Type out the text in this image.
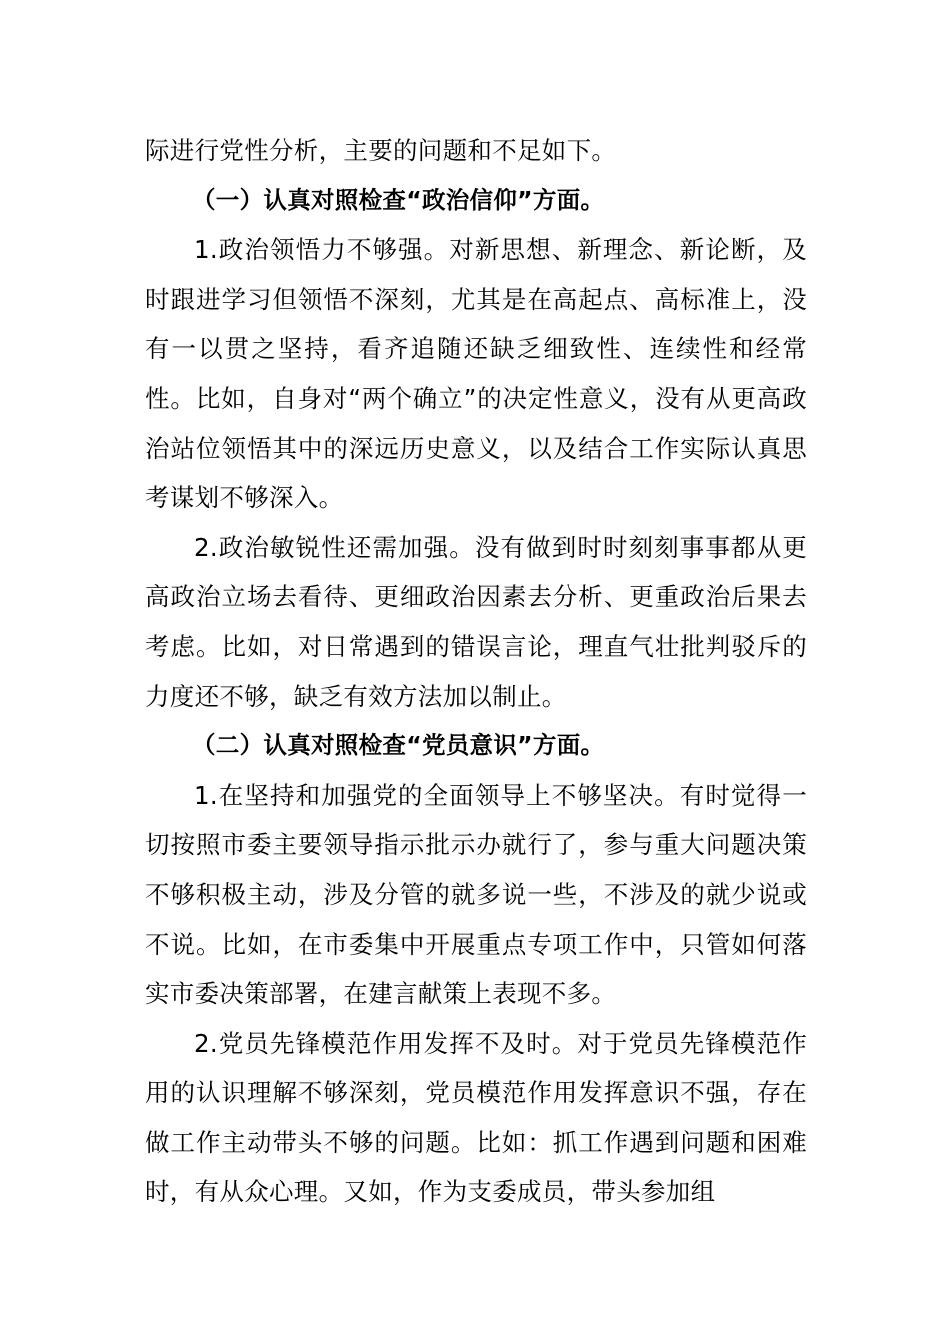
际进行党性分析，主要的问题和不足如下。

（一）认真对照检查“政治信仰”方面。

1.政治领悟力不够强。对新思想、新理念、新论断，及时跟进学习但领悟不深刻，尤其是在高起点、高标准上，没有一以贯之坚持，看齐追随还缺乏细致性、连续性和经常性。比如，自身对“两个确立”的决定性意义，没有从更高政治站位领悟其中的深远历史意义，以及结合工作实际认真思考谋划不够深入。

2.政治敏锐性还需加强。没有做到时时刻刻事事都从更高政治立场去看待、更细政治因素去分析、更重政治后果去考虑。比如，对日常遇到的错误言论，理直气壮批判驳斥的力度还不够，缺乏有效方法加以制止。

（二）认真对照检查“党员意识”方面。

1.在坚持和加强党的全面领导上不够坚决。有时觉得一切按照市委主要领导指示批示办就行了，参与重大问题决策不够积极主动，涉及分管的就多说一些，不涉及的就少说或不说。比如，在市委集中开展重点专项工作中，只管如何落实市委决策部署，在建言献策上表现不多。

2.党员先锋模范作用发挥不及时。对于党员先锋模范作用的认识理解不够深刻，党员模范作用发挥意识不强，存在做工作主动带头不够的问题。比如：抓工作遇到问题和困难时，有从众心理。又如，作为支委成员，带头参加组
